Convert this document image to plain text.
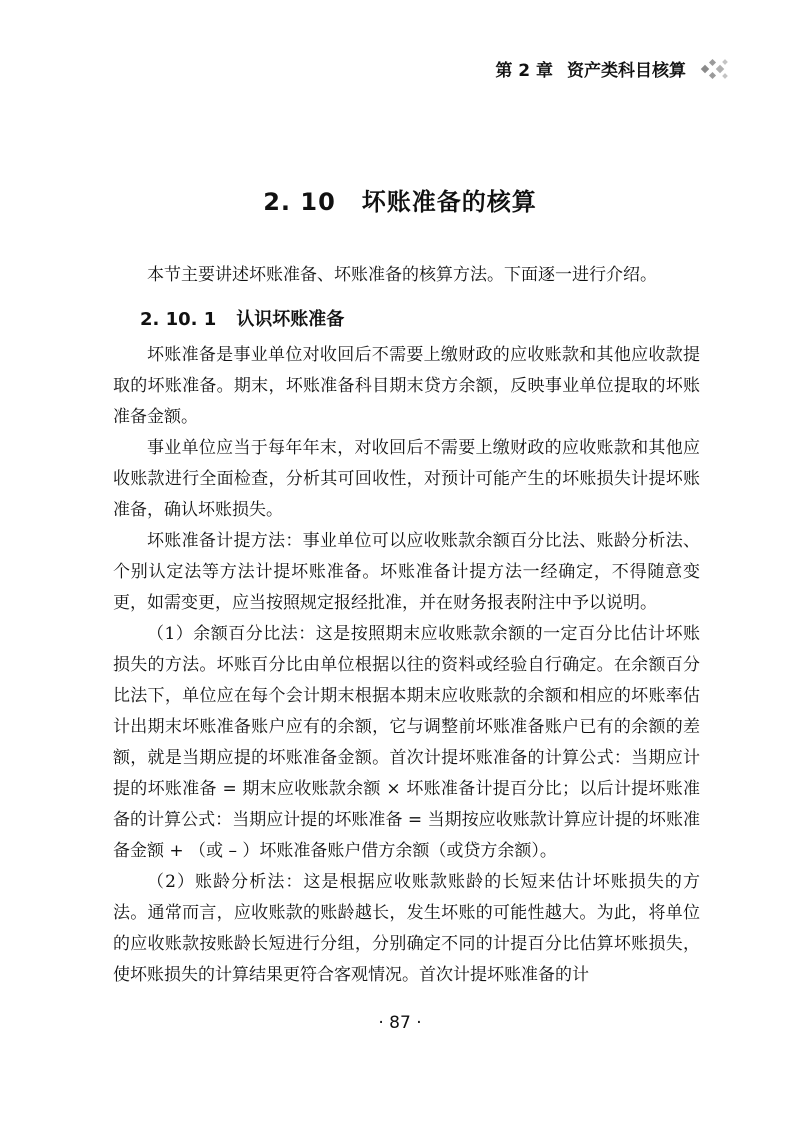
第 2 章 资产类科目核算
2. 10 坏账准备的核算

本节主要讲述坏账准备、坏账准备的核算方法。下面逐一进行介绍。

2. 10. 1 认识坏账准备

坏账准备是事业单位对收回后不需要上缴财政的应收账款和其他应收款提取的坏账准备。期末，坏账准备科目期末贷方余额，反映事业单位提取的坏账准备金额。

事业单位应当于每年年末，对收回后不需要上缴财政的应收账款和其他应收账款进行全面检查，分析其可回收性，对预计可能产生的坏账损失计提坏账准备，确认坏账损失。

坏账准备计提方法：事业单位可以应收账款余额百分比法、账龄分析法、个别认定法等方法计提坏账准备。坏账准备计提方法一经确定，不得随意变更，如需变更，应当按照规定报经批准，并在财务报表附注中予以说明。

（1）余额百分比法：这是按照期末应收账款余额的一定百分比估计坏账损失的方法。坏账百分比由单位根据以往的资料或经验自行确定。在余额百分比法下，单位应在每个会计期末根据本期末应收账款的余额和相应的坏账率估计出期末坏账准备账户应有的余额，它与调整前坏账准备账户已有的余额的差额，就是当期应提的坏账准备金额。首次计提坏账准备的计算公式：当期应计提的坏账准备 = 期末应收账款余额 × 坏账准备计提百分比；以后计提坏账准备的计算公式：当期应计提的坏账准备 = 当期按应收账款计算应计提的坏账准备金额 + （或 – ）坏账准备账户借方余额（或贷方余额）。

（2）账龄分析法：这是根据应收账款账龄的长短来估计坏账损失的方法。通常而言，应收账款的账龄越长，发生坏账的可能性越大。为此，将单位的应收账款按账龄长短进行分组，分别确定不同的计提百分比估算坏账损失，使坏账损失的计算结果更符合客观情况。首次计提坏账准备的计

· 87 ·
